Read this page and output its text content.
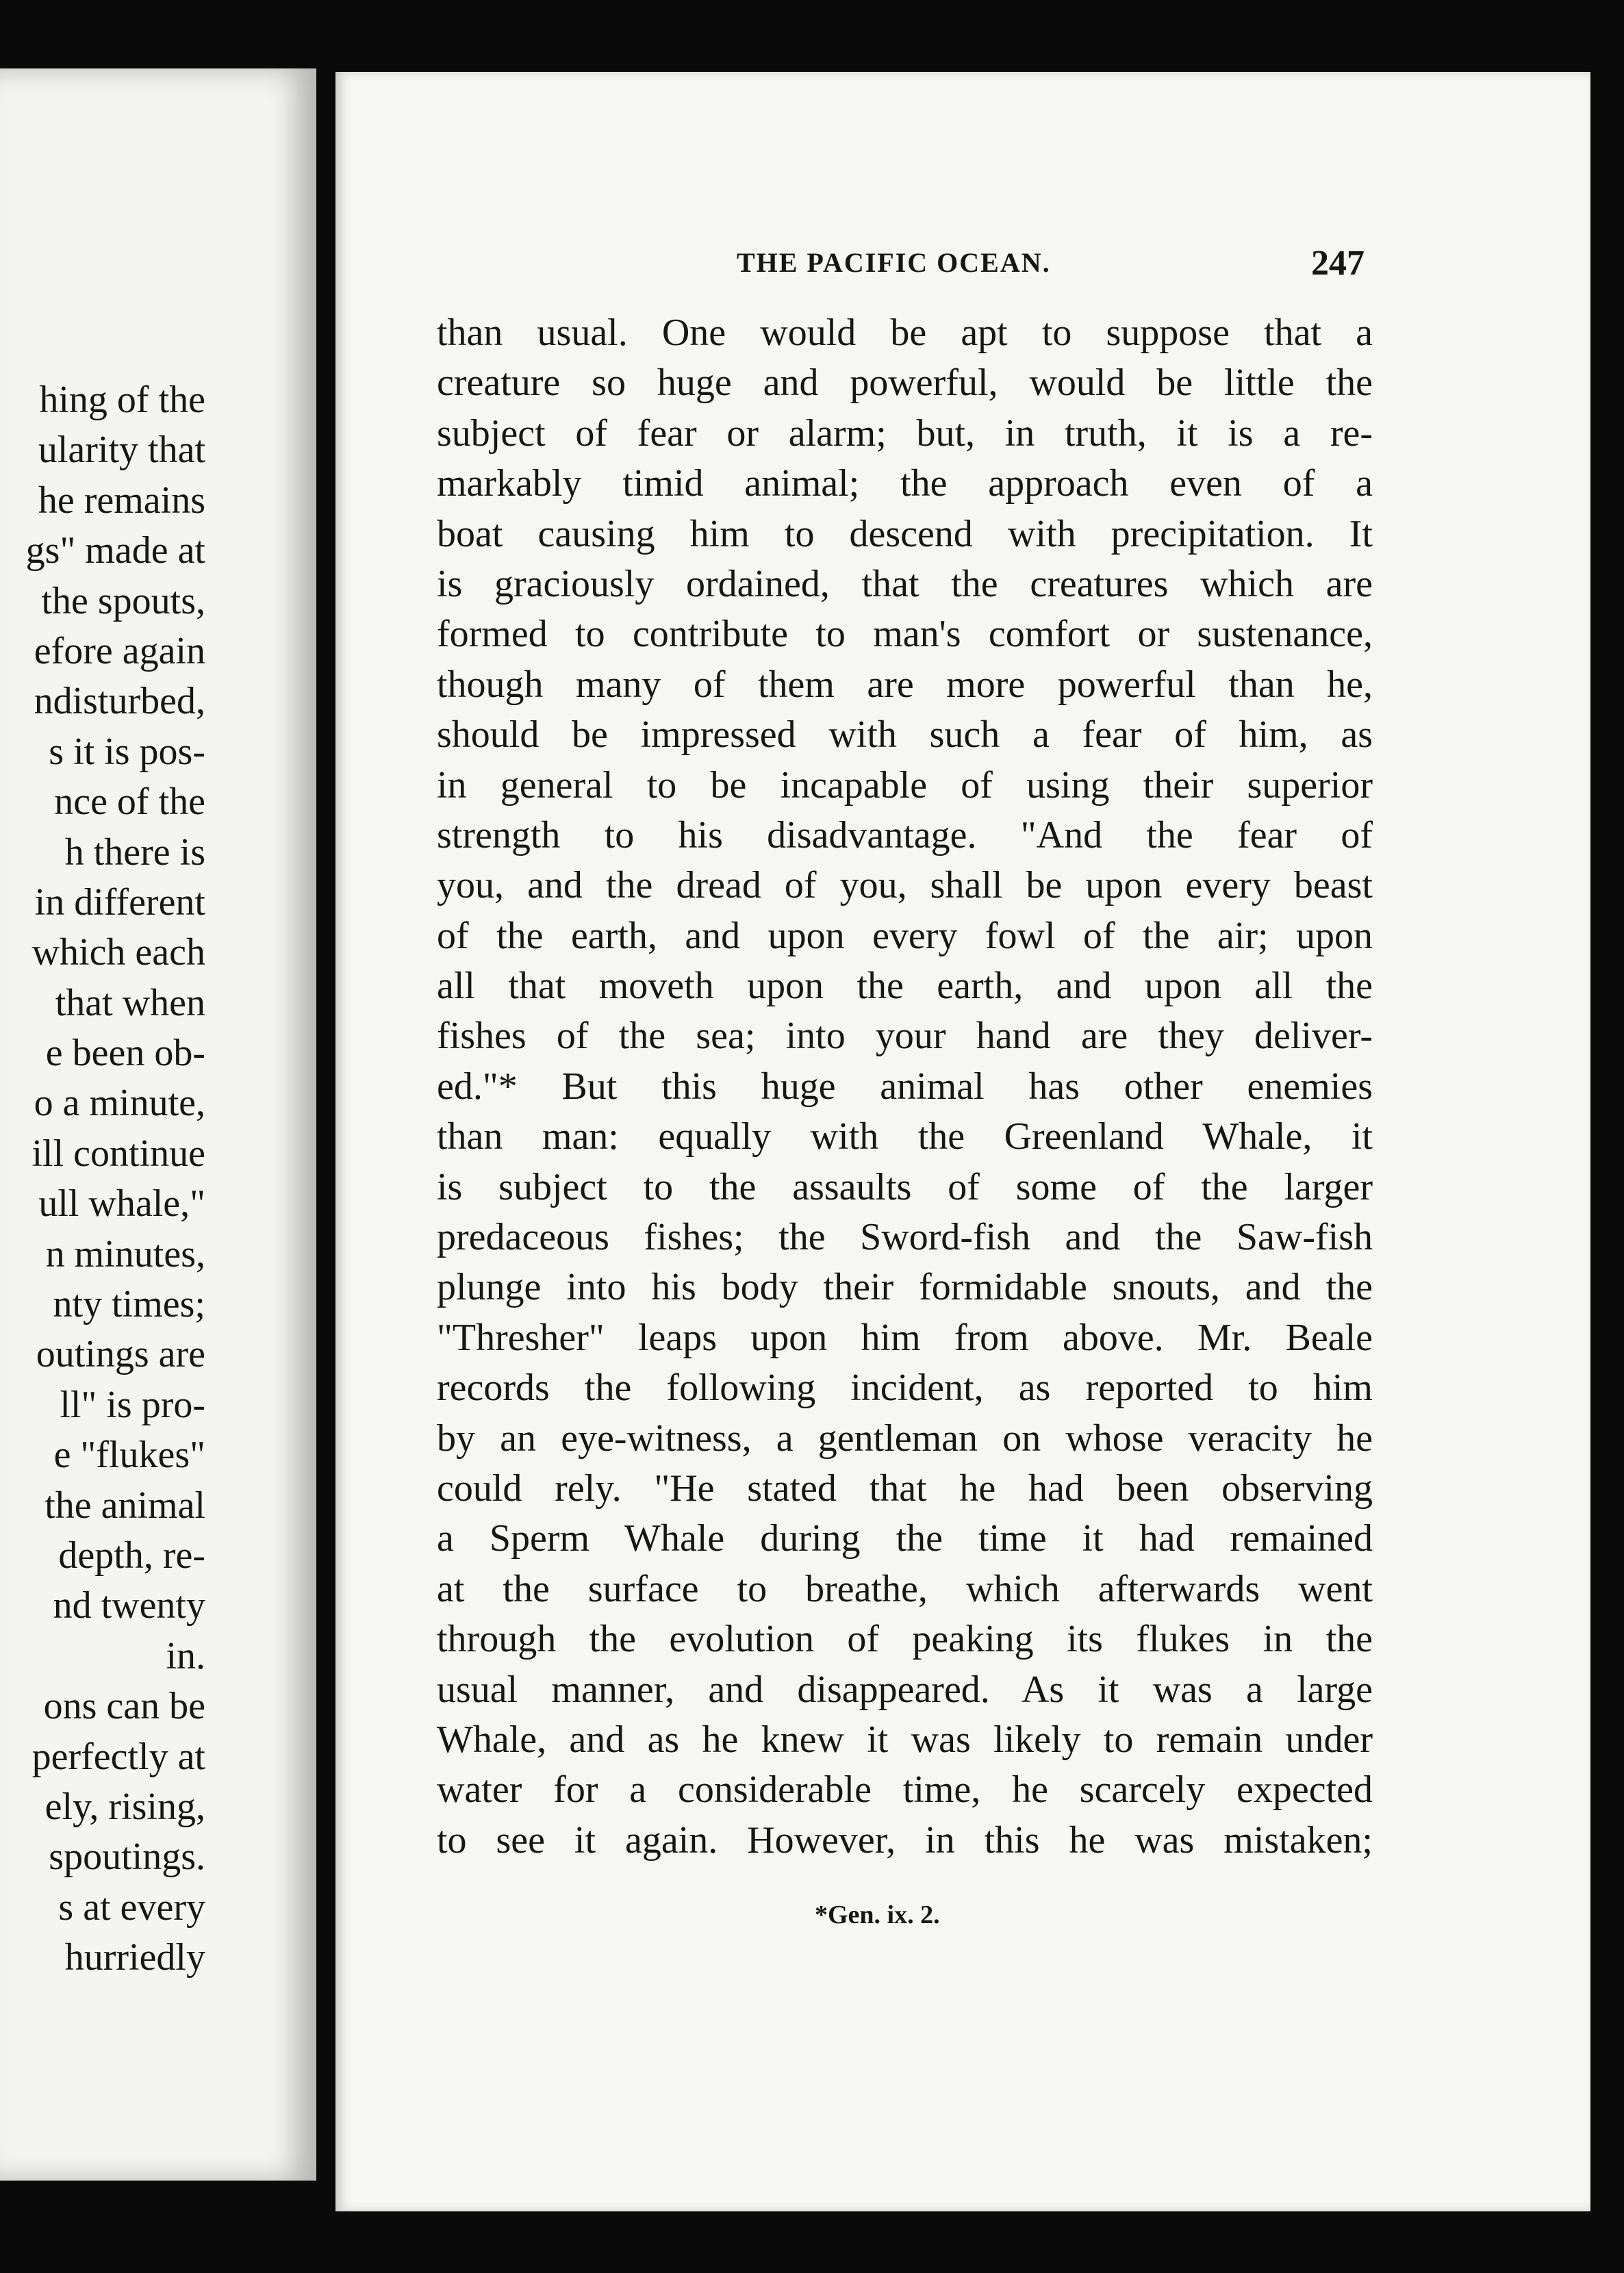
hing of the
ularity that
he remains
gs" made at
the spouts,
efore again
ndisturbed,
s it is pos-
nce of the
h there is
in different
which each
that when
e been ob-
o a minute,
ill continue
ull whale,"
n minutes,
nty times;
outings are
ll" is pro-
e "flukes"
the animal
depth, re-
nd twenty
in.
ons can be
perfectly at
ely, rising,
spoutings.
s at every
hurriedly
THE PACIFIC OCEAN.	247
than usual. One would be apt to suppose that a
creature so huge and powerful, would be little the
subject of fear or alarm; but, in truth, it is a re-
markably timid animal; the approach even of a
boat causing him to descend with precipitation. It
is graciously ordained, that the creatures which are
formed to contribute to man's comfort or sustenance,
though many of them are more powerful than he,
should be impressed with such a fear of him, as
in general to be incapable of using their superior
strength to his disadvantage. "And the fear of
you, and the dread of you, shall be upon every beast
of the earth, and upon every fowl of the air; upon
all that moveth upon the earth, and upon all the
fishes of the sea; into your hand are they deliver-
ed."* But this huge animal has other enemies
than man: equally with the Greenland Whale, it
is subject to the assaults of some of the larger
predaceous fishes; the Sword-fish and the Saw-fish
plunge into his body their formidable snouts, and the
"Thresher" leaps upon him from above. Mr. Beale
records the following incident, as reported to him
by an eye-witness, a gentleman on whose veracity he
could rely. "He stated that he had been observing
a Sperm Whale during the time it had remained
at the surface to breathe, which afterwards went
through the evolution of peaking its flukes in the
usual manner, and disappeared. As it was a large
Whale, and as he knew it was likely to remain under
water for a considerable time, he scarcely expected
to see it again. However, in this he was mistaken;
*Gen. ix. 2.
